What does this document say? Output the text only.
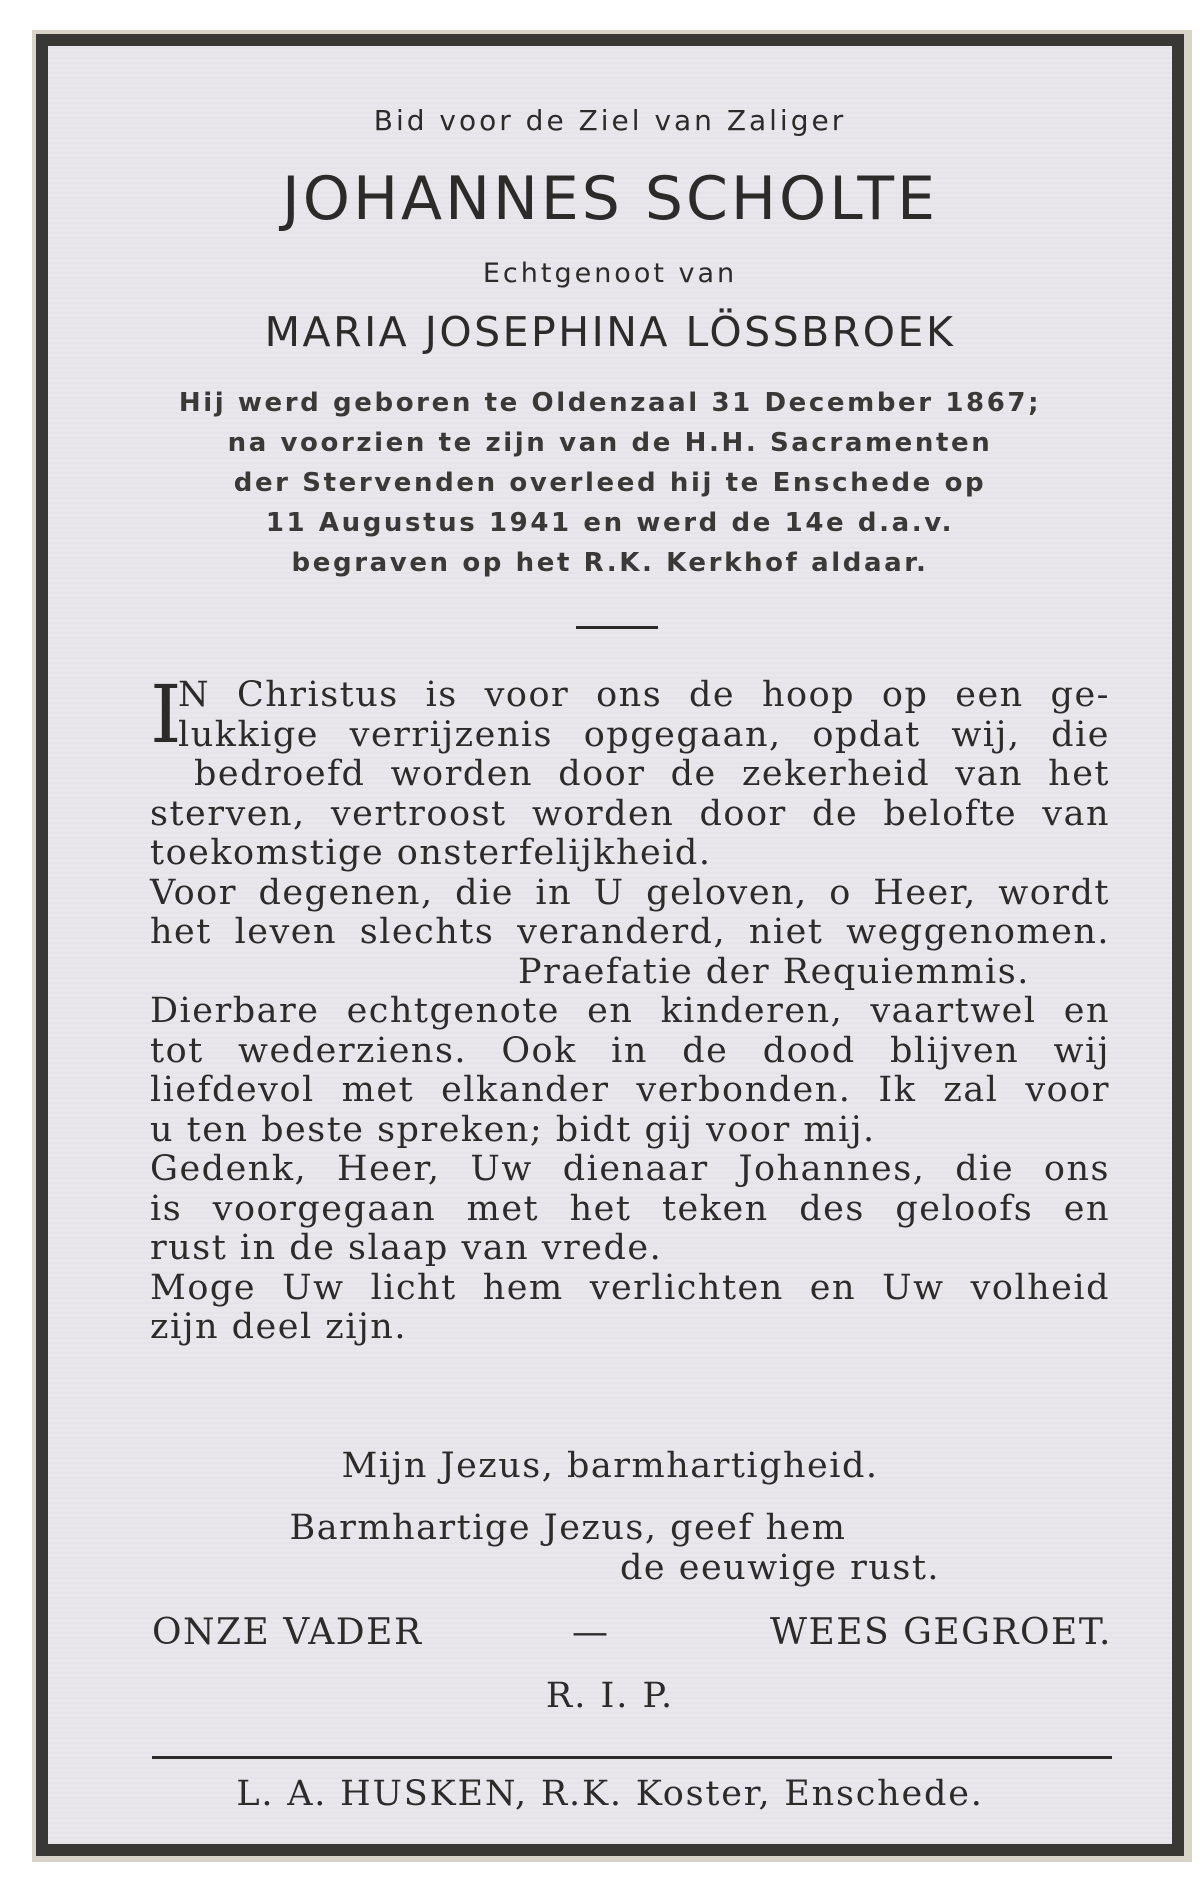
Bid voor de Ziel van Zaliger
JOHANNES SCHOLTE
Echtgenoot van
MARIA JOSEPHINA LÖSSBROEK
Hij werd geboren te Oldenzaal 31 December 1867;
na voorzien te zijn van de H.H. Sacramenten
der Stervenden overleed hij te Enschede op
11 Augustus 1941 en werd de 14e d.a.v.
begraven op het R.K. Kerkhof aldaar.
I
N Christus is voor ons de hoop op een ge-
lukkige verrijzenis opgegaan, opdat wij, die
bedroefd worden door de zekerheid van het
sterven, vertroost worden door de belofte van
toekomstige onsterfelijkheid.
Voor degenen, die in U geloven, o Heer, wordt
het leven slechts veranderd, niet weggenomen.
Praefatie der Requiemmis.
Dierbare echtgenote en kinderen, vaartwel en
tot wederziens. Ook in de dood blijven wij
liefdevol met elkander verbonden. Ik zal voor
u ten beste spreken; bidt gij voor mij.
Gedenk, Heer, Uw dienaar Johannes, die ons
is voorgegaan met het teken des geloofs en
rust in de slaap van vrede.
Moge Uw licht hem verlichten en Uw volheid
zijn deel zijn.
Mijn Jezus, barmhartigheid.
Barmhartige Jezus, geef hem
de eeuwige rust.
ONZE VADER	—	WEES GEGROET.
R. I. P.
L. A. HUSKEN, R.K. Koster, Enschede.
